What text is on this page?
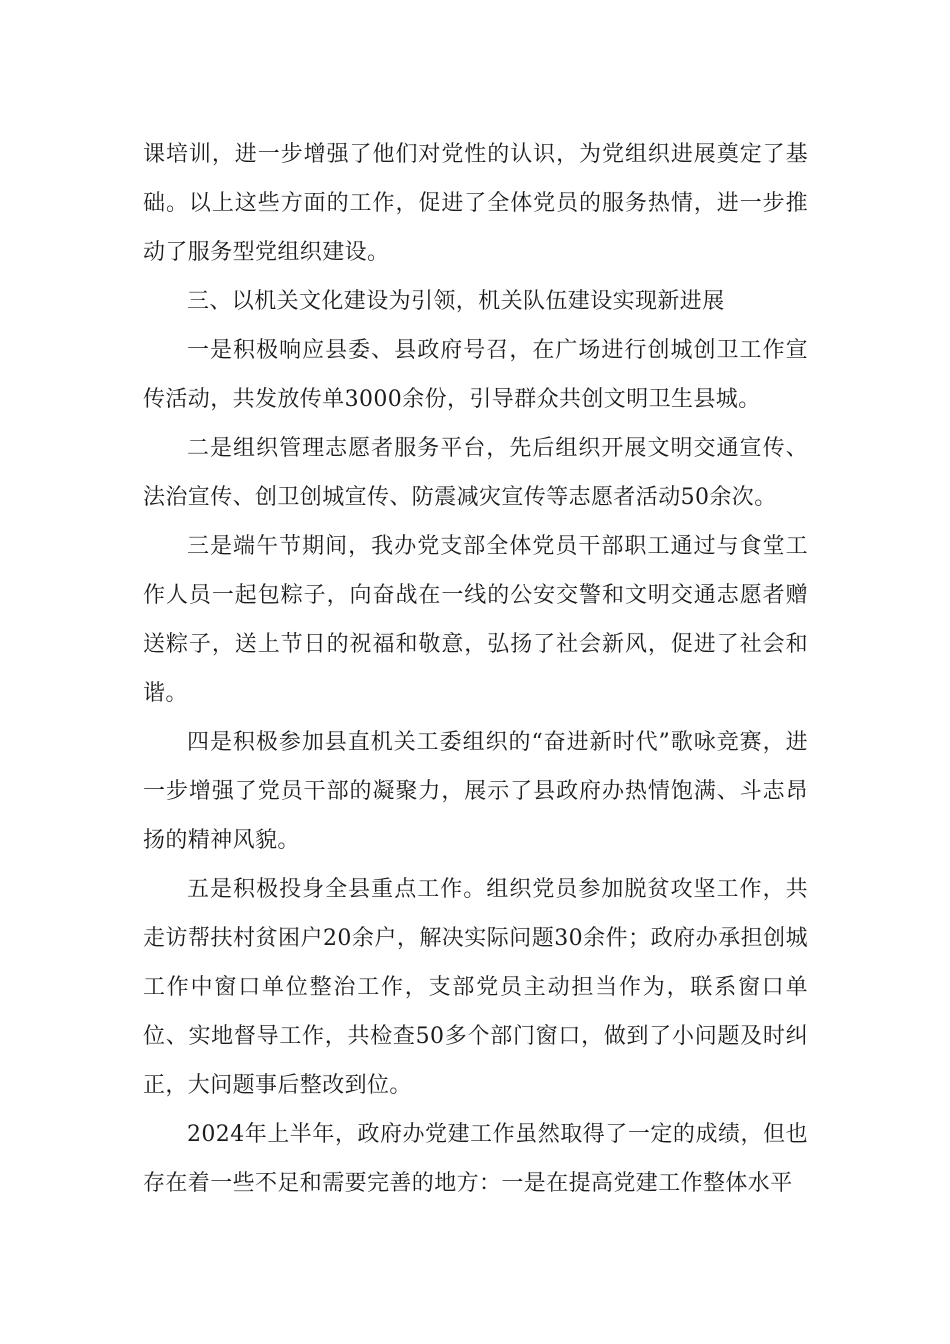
课培训，进一步增强了他们对党性的认识，为党组织进展奠定了基础。以上这些方面的工作，促进了全体党员的服务热情，进一步推动了服务型党组织建设。

三、以机关文化建设为引领，机关队伍建设实现新进展

一是积极响应县委、县政府号召，在广场进行创城创卫工作宣传活动，共发放传单3000余份，引导群众共创文明卫生县城。

二是组织管理志愿者服务平台，先后组织开展文明交通宣传、法治宣传、创卫创城宣传、防震减灾宣传等志愿者活动50余次。

三是端午节期间，我办党支部全体党员干部职工通过与食堂工作人员一起包粽子，向奋战在一线的公安交警和文明交通志愿者赠送粽子，送上节日的祝福和敬意，弘扬了社会新风，促进了社会和谐。

四是积极参加县直机关工委组织的“奋进新时代”歌咏竞赛，进一步增强了党员干部的凝聚力，展示了县政府办热情饱满、斗志昂扬的精神风貌。

五是积极投身全县重点工作。组织党员参加脱贫攻坚工作，共走访帮扶村贫困户20余户，解决实际问题30余件；政府办承担创城工作中窗口单位整治工作，支部党员主动担当作为，联系窗口单位、实地督导工作，共检查50多个部门窗口，做到了小问题及时纠正，大问题事后整改到位。

2024年上半年，政府办党建工作虽然取得了一定的成绩，但也存在着一些不足和需要完善的地方：一是在提高党建工作整体水平
